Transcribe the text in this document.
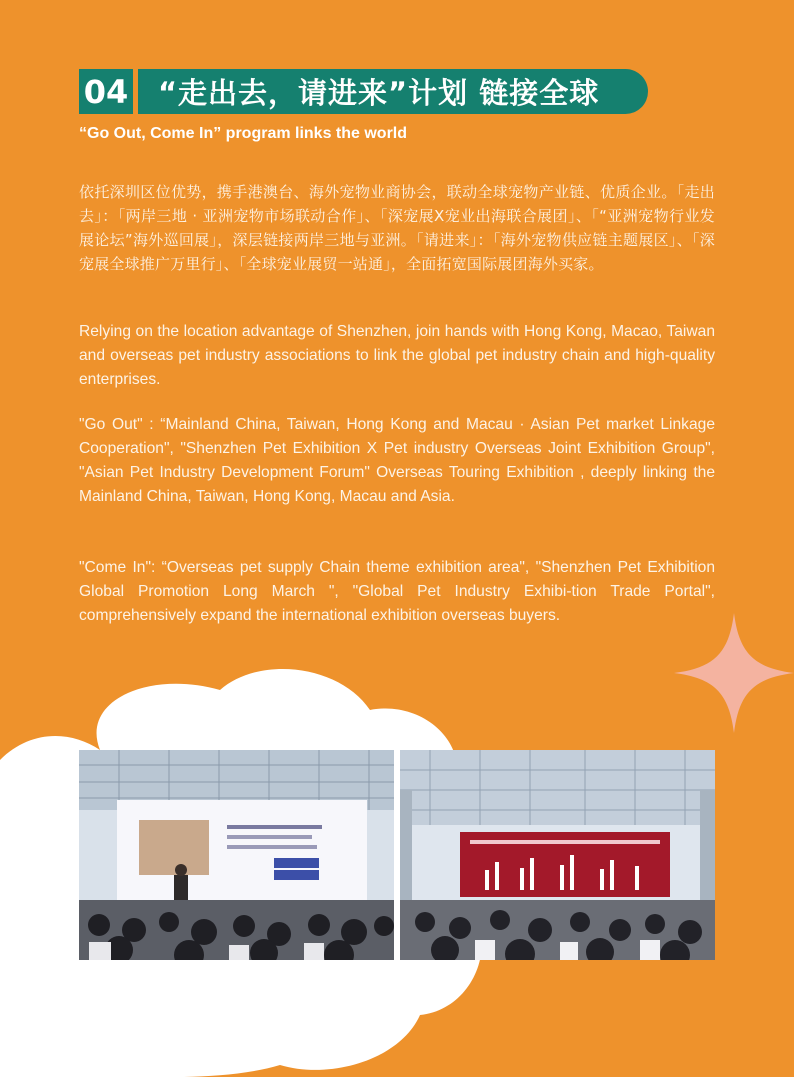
04	“走出去，请进来”计划 链接全球
“Go Out, Come In” program links the world

依托深圳区位优势，携手港澳台、海外宠物业商协会，联动全球宠物产业链、优质企业。「走出去」：「两岸三地 · 亚洲宠物市场联动合作」、「深宠展X宠业出海联合展团」、「“亚洲宠物行业发展论坛”海外巡回展」，深层链接两岸三地与亚洲。「请进来」：「海外宠物供应链主题展区」、「深宠展全球推广万里行」、「全球宠业展贸一站通」，全面拓宽国际展团海外买家。

Relying on the location advantage of Shenzhen, join hands with Hong Kong, Macao, Taiwan and overseas pet industry associations to link the global pet industry chain and high-quality enterprises.

"Go Out" : “Mainland China, Taiwan, Hong Kong and Macau · Asian Pet market Linkage Cooperation", "Shenzhen Pet Exhibition X Pet industry Overseas Joint Exhibition Group", "Asian Pet Industry Development Forum" Overseas Touring Exhibition , deeply linking the Mainland China, Taiwan, Hong Kong, Macau and Asia.

"Come In": “Overseas pet supply Chain theme exhibition area", "Shenzhen Pet Exhibition Global Promotion Long March ", "Global Pet Industry Exhibi-tion Trade Portal", comprehensively expand the international exhibition overseas buyers.
